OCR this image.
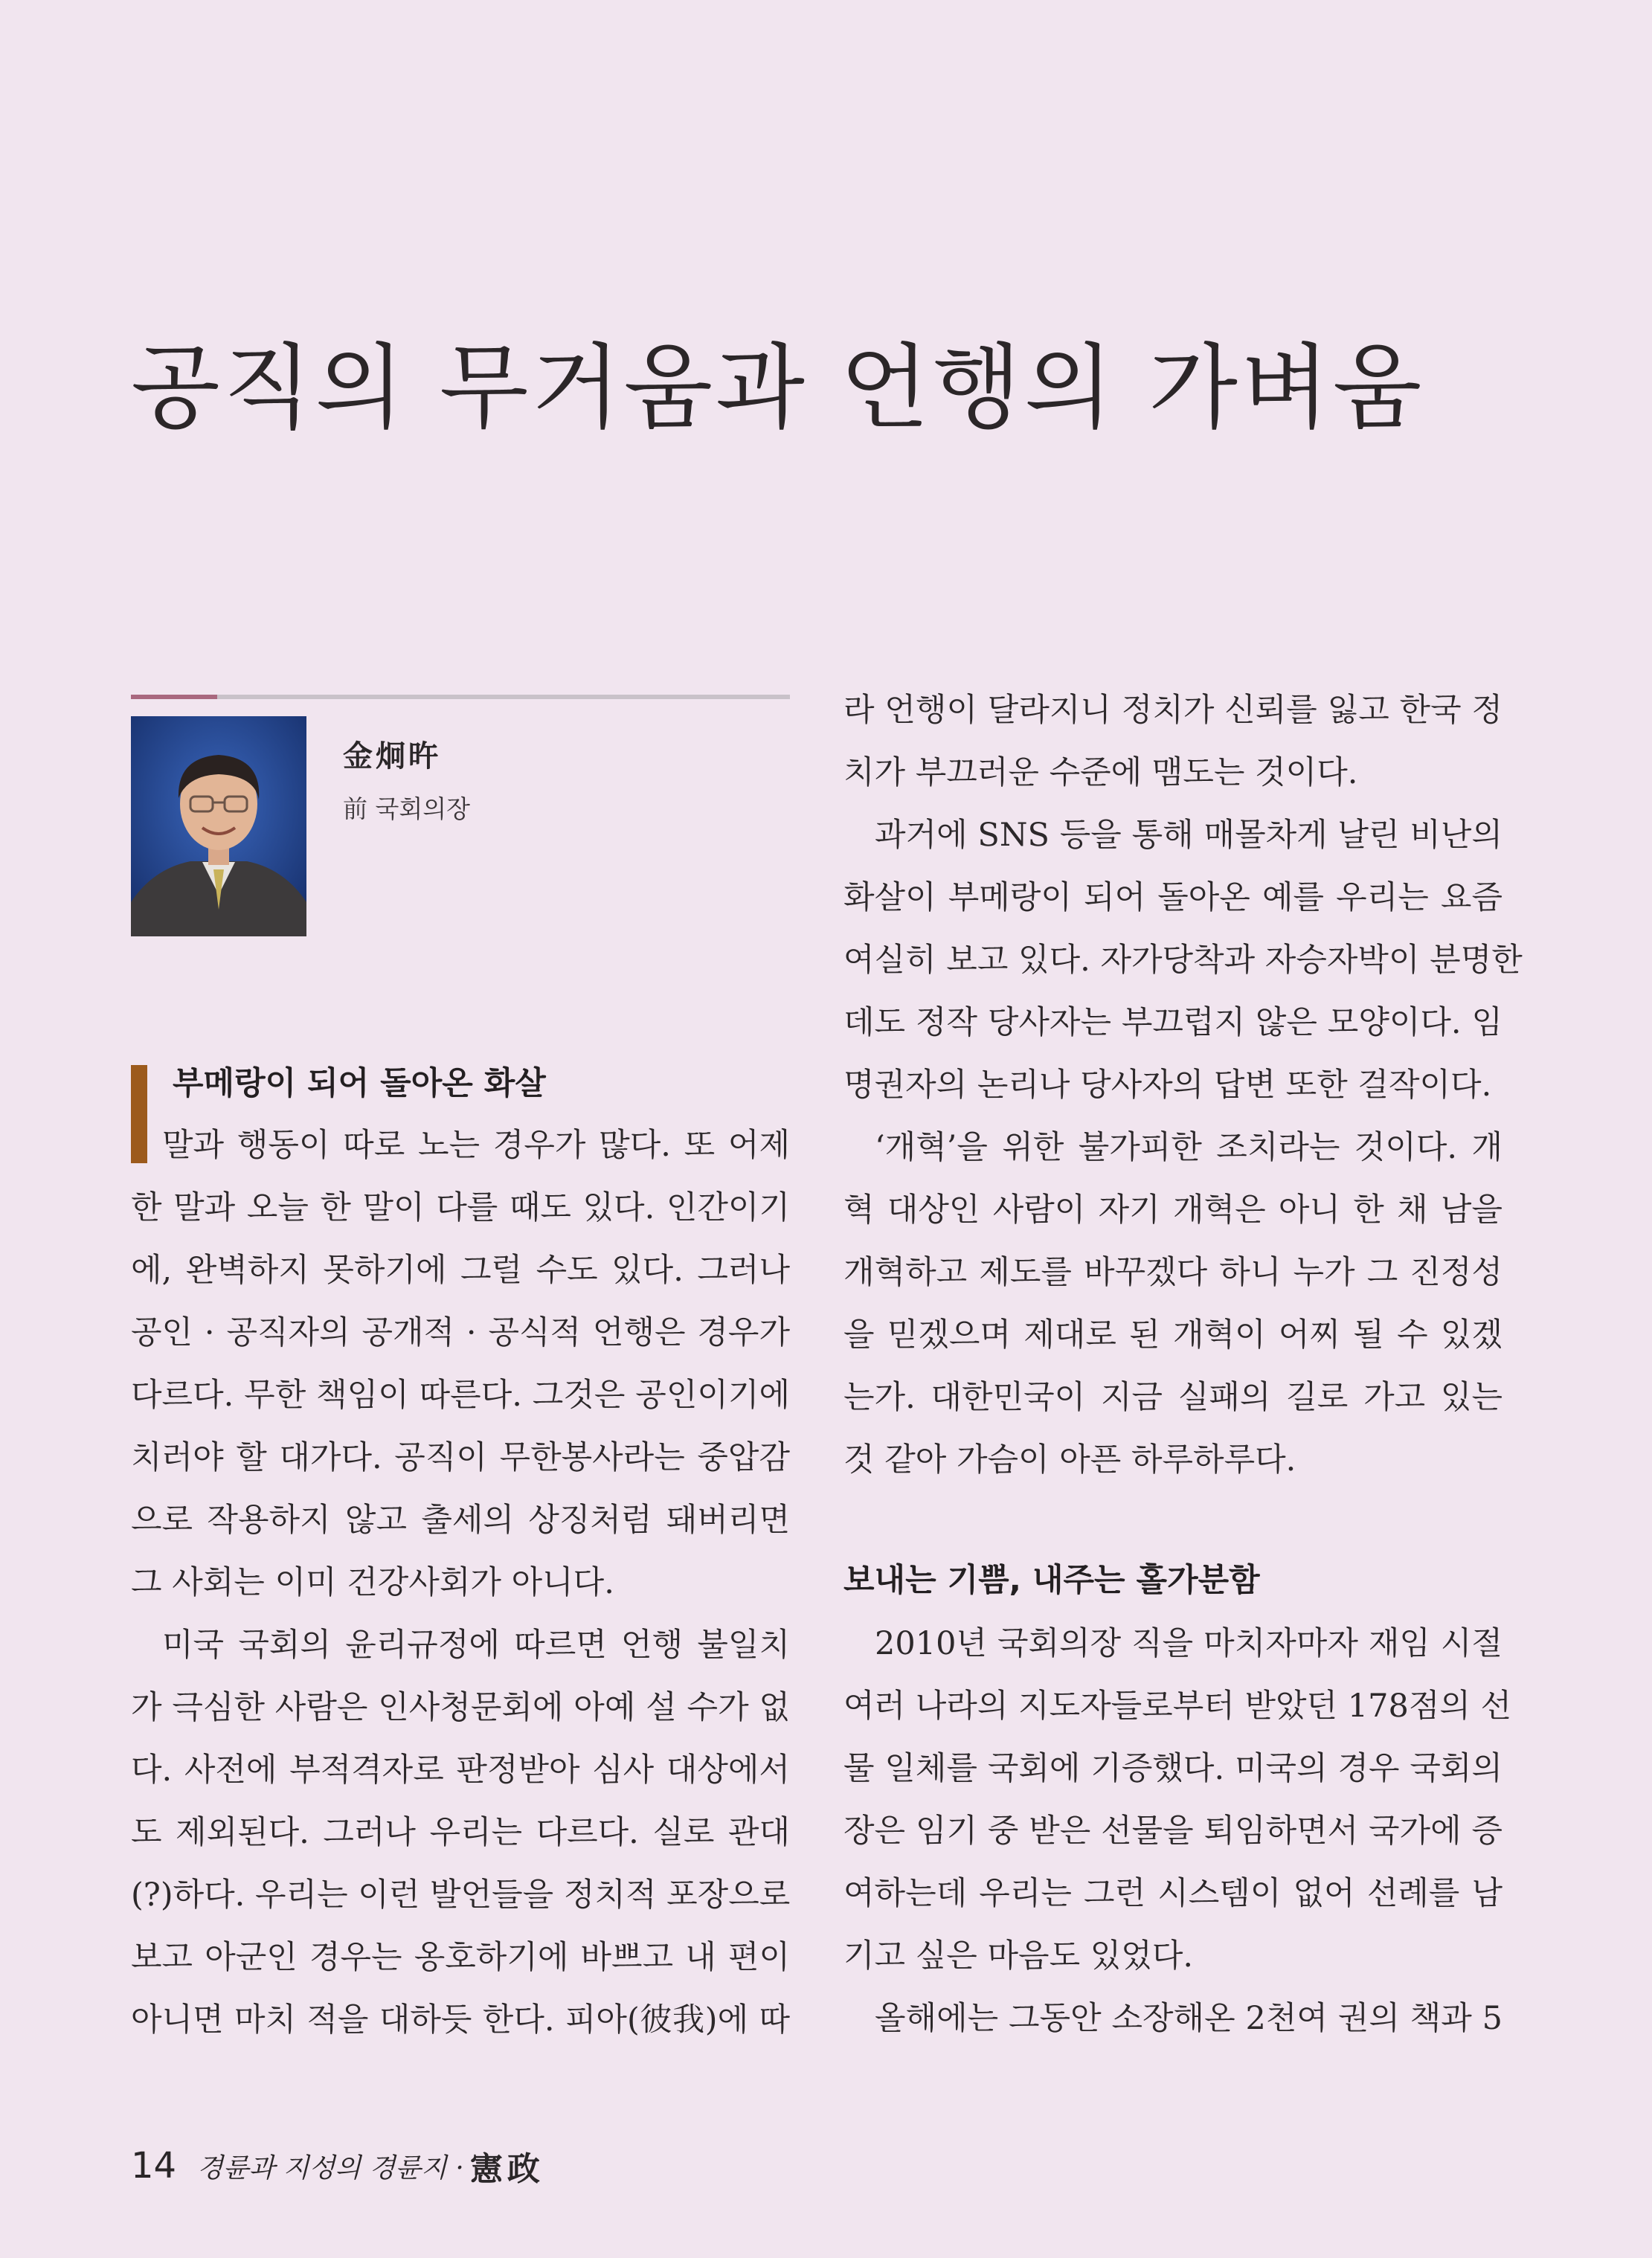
공직의 무거움과 언행의 가벼움
金炯旿
前 국회의장
부메랑이 되어 돌아온 화살
말과 행동이 따로 노는 경우가 많다. 또 어제
한 말과 오늘 한 말이 다를 때도 있다. 인간이기
에, 완벽하지 못하기에 그럴 수도 있다. 그러나
공인 · 공직자의 공개적 · 공식적 언행은 경우가
다르다. 무한 책임이 따른다. 그것은 공인이기에
치러야 할 대가다. 공직이 무한봉사라는 중압감
으로 작용하지 않고 출세의 상징처럼 돼버리면
그 사회는 이미 건강사회가 아니다.
미국 국회의 윤리규정에 따르면 언행 불일치
가 극심한 사람은 인사청문회에 아예 설 수가 없
다. 사전에 부적격자로 판정받아 심사 대상에서
도 제외된다. 그러나 우리는 다르다. 실로 관대
(?)하다. 우리는 이런 발언들을 정치적 포장으로
보고 아군인 경우는 옹호하기에 바쁘고 내 편이
아니면 마치 적을 대하듯 한다. 피아(彼我)에 따
라 언행이 달라지니 정치가 신뢰를 잃고 한국 정
치가 부끄러운 수준에 맴도는 것이다.
과거에 SNS 등을 통해 매몰차게 날린 비난의
화살이 부메랑이 되어 돌아온 예를 우리는 요즘
여실히 보고 있다. 자가당착과 자승자박이 분명한
데도 정작 당사자는 부끄럽지 않은 모양이다. 임
명권자의 논리나 당사자의 답변 또한 걸작이다.
‘개혁’을 위한 불가피한 조치라는 것이다. 개
혁 대상인 사람이 자기 개혁은 아니 한 채 남을
개혁하고 제도를 바꾸겠다 하니 누가 그 진정성
을 믿겠으며 제대로 된 개혁이 어찌 될 수 있겠
는가. 대한민국이 지금 실패의 길로 가고 있는
것 같아 가슴이 아픈 하루하루다.
보내는 기쁨, 내주는 홀가분함
2010년 국회의장 직을 마치자마자 재임 시절
여러 나라의 지도자들로부터 받았던 178점의 선
물 일체를 국회에 기증했다. 미국의 경우 국회의
장은 임기 중 받은 선물을 퇴임하면서 국가에 증
여하는데 우리는 그런 시스템이 없어 선례를 남
기고 싶은 마음도 있었다.
올해에는 그동안 소장해온 2천여 권의 책과 5
14 경륜과 지성의 경륜지 · 憲政
